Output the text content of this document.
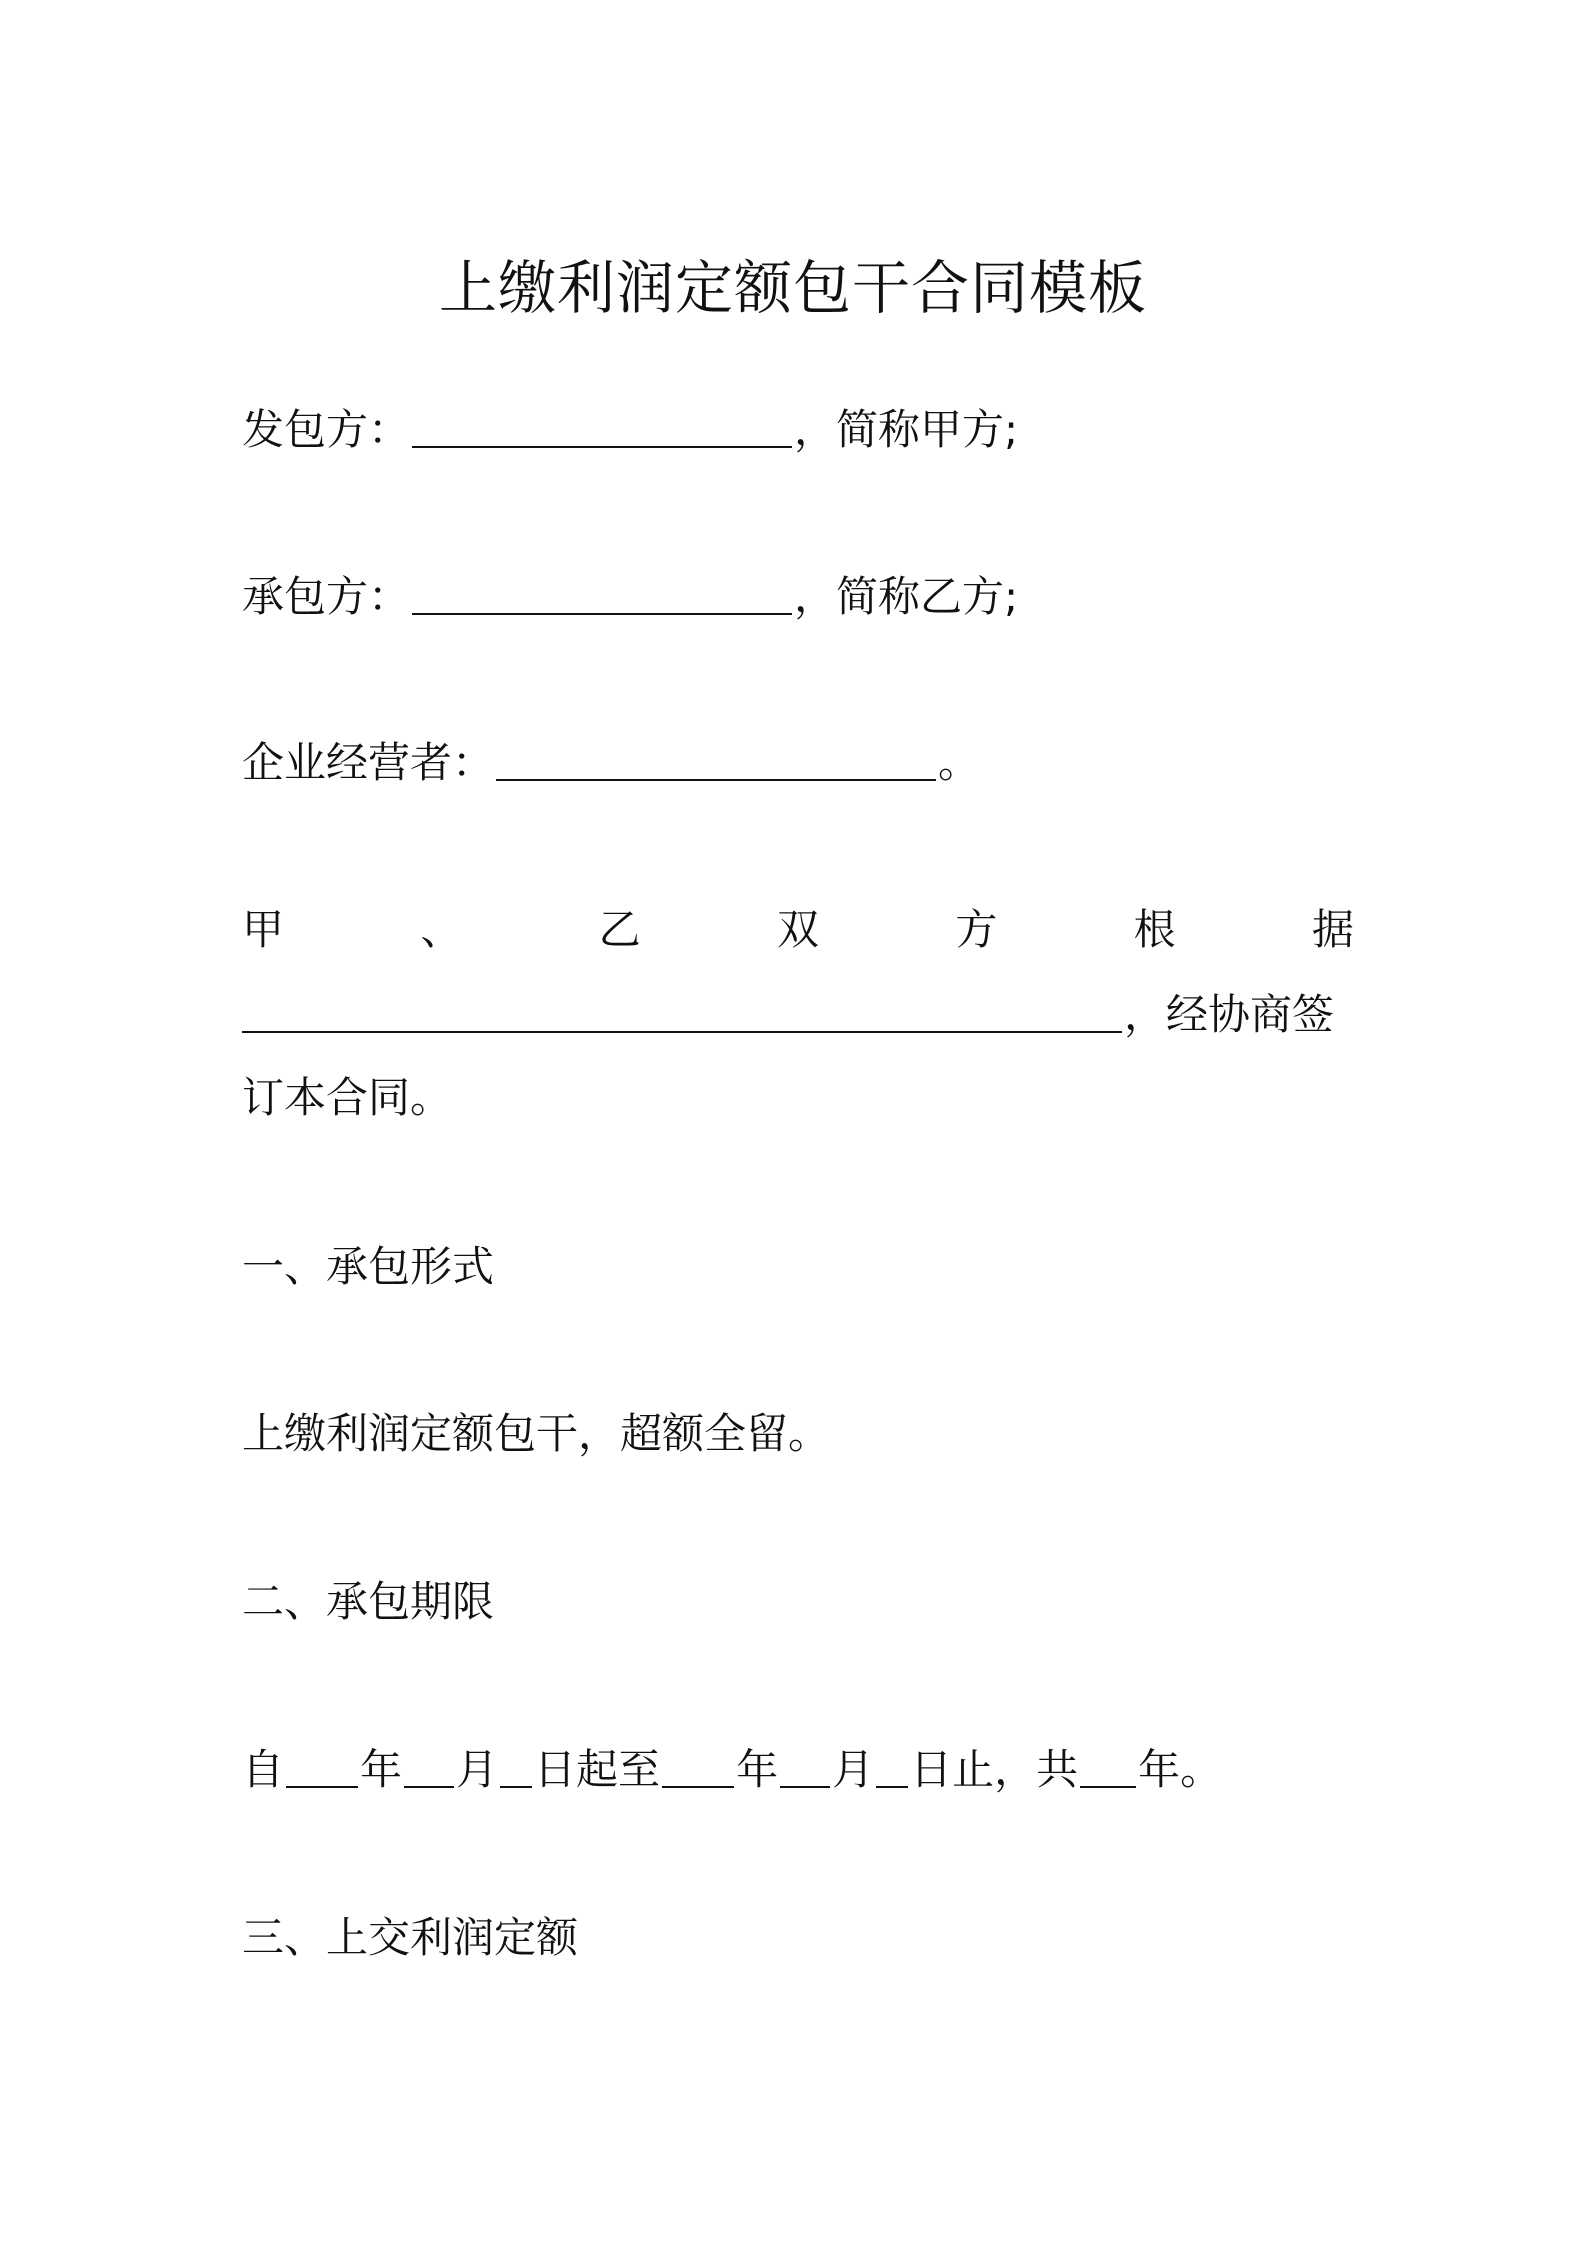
上缴利润定额包干合同模板
发包方：	，简称甲方;
承包方：	，简称乙方;
企业经营者：	。
甲	、	乙	双	方	根	据
，经协商签
订本合同。
一、承包形式
上缴利润定额包干，超额全留。
二、承包期限
自 年 月 日起至 年 月 日止，共 年。
三、上交利润定额
